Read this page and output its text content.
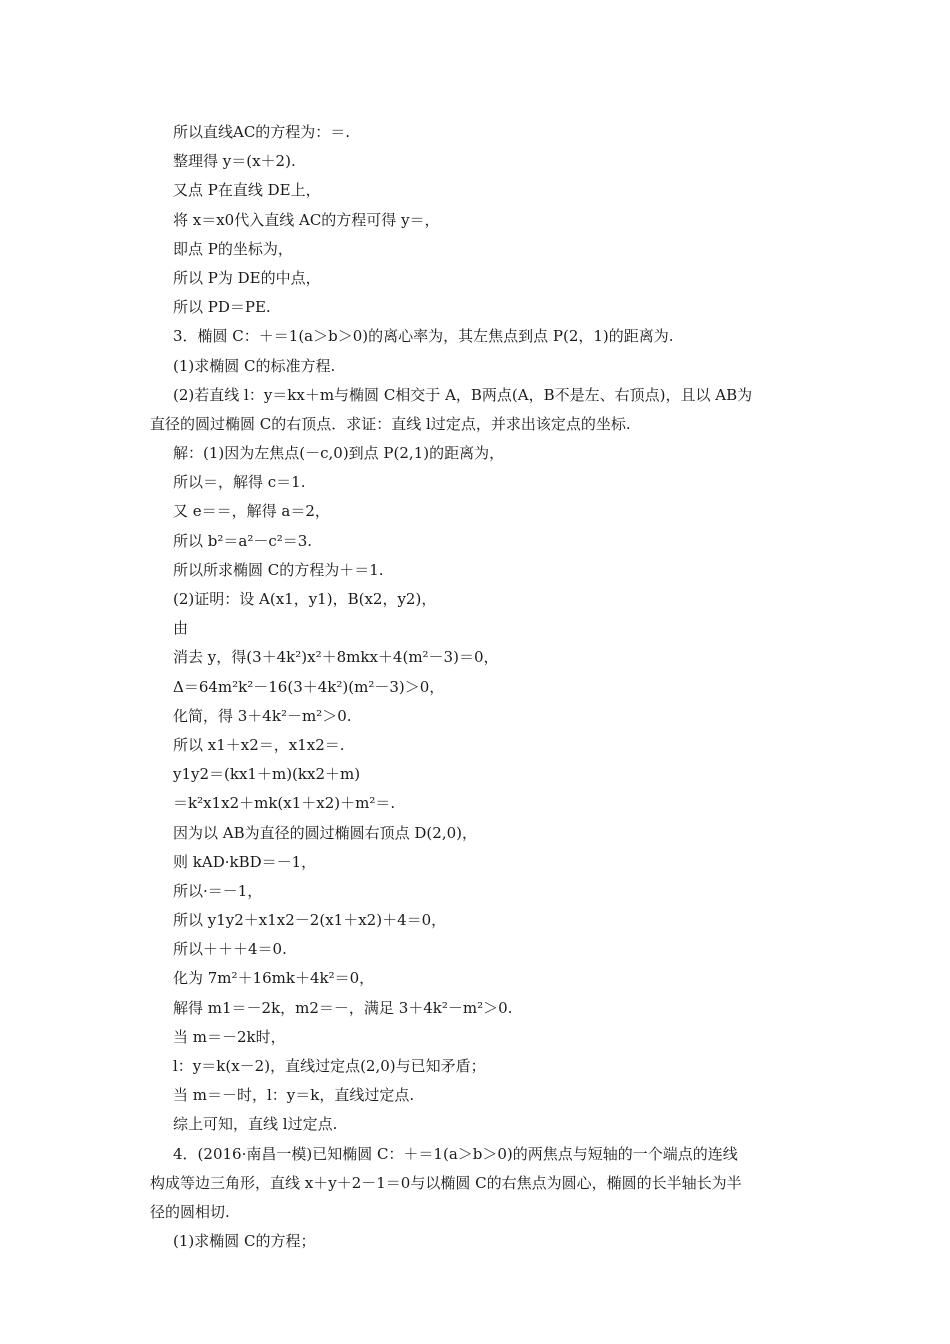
所以直线AC的方程为：＝.
整理得 y＝(x＋2).
又点 P在直线 DE上，
将 x＝x0代入直线 AC的方程可得 y＝，
即点 P的坐标为，
所以 P为 DE的中点，
所以 PD＝PE.
3．椭圆 C：＋＝1(a＞b＞0)的离心率为，其左焦点到点 P(2，1)的距离为.
(1)求椭圆 C的标准方程.
(2)若直线 l：y＝kx＋m与椭圆 C相交于 A，B两点(A，B不是左、右顶点)，且以 AB为
直径的圆过椭圆 C的右顶点．求证：直线 l过定点，并求出该定点的坐标.
解：(1)因为左焦点(－c,0)到点 P(2,1)的距离为，
所以＝，解得 c＝1.
又 e＝＝，解得 a＝2，
所以 b²＝a²－c²＝3.
所以所求椭圆 C的方程为＋＝1.
(2)证明：设 A(x1，y1)，B(x2，y2)，
由
消去 y，得(3＋4k²)x²＋8mkx＋4(m²－3)＝0，
Δ＝64m²k²－16(3＋4k²)(m²－3)＞0，
化简，得 3＋4k²－m²＞0.
所以 x1＋x2＝，x1x2＝.
y1y2＝(kx1＋m)(kx2＋m)
＝k²x1x2＋mk(x1＋x2)＋m²＝.
因为以 AB为直径的圆过椭圆右顶点 D(2,0)，
则 kAD·kBD＝－1，
所以·＝－1，
所以 y1y2＋x1x2－2(x1＋x2)＋4＝0，
所以＋＋＋4＝0.
化为 7m²＋16mk＋4k²＝0，
解得 m1＝－2k，m2＝－，满足 3＋4k²－m²＞0.
当 m＝－2k时，
l：y＝k(x－2)，直线过定点(2,0)与已知矛盾；
当 m＝－时，l：y＝k，直线过定点.
综上可知，直线 l过定点.
4．(2016·南昌一模)已知椭圆 C：＋＝1(a＞b＞0)的两焦点与短轴的一个端点的连线
构成等边三角形，直线 x＋y＋2－1＝0与以椭圆 C的右焦点为圆心，椭圆的长半轴长为半
径的圆相切.
(1)求椭圆 C的方程；
